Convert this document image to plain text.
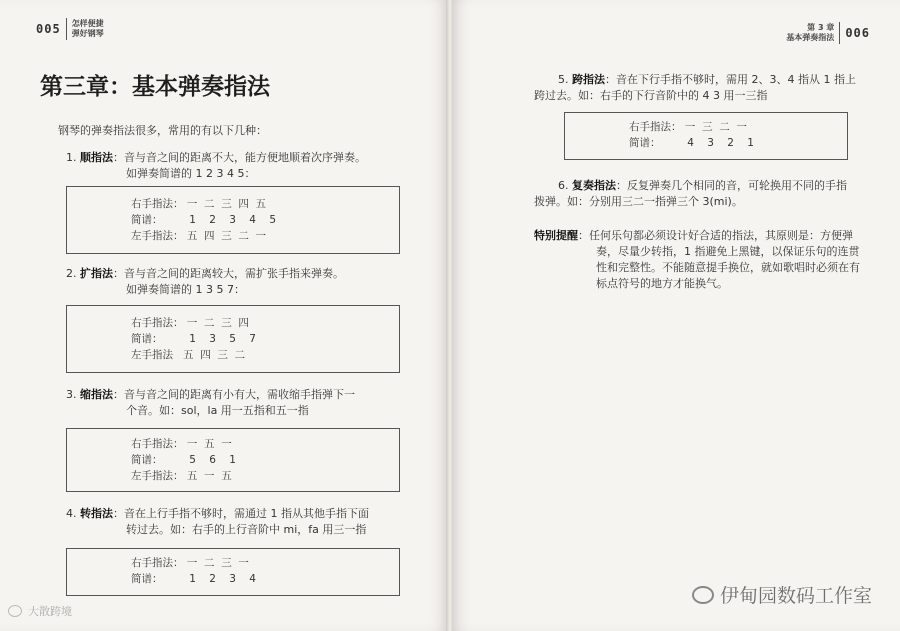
005 怎样便捷
弹好钢琴
第三章：基本弹奏指法
钢琴的弹奏指法很多，常用的有以下几种：
1. 顺指法：音与音之间的距离不大，能方便地顺着次序弹奏。
如弹奏简谱的 1 2 3 4 5：
右手指法： 一  二  三  四  五
简谱：        1    2    3    4    5
左手指法： 五  四  三  二  一
2. 扩指法：音与音之间的距离较大，需扩张手指来弹奏。
如弹奏简谱的 1 3 5 7：
右手指法： 一  二  三  四
简谱：        1    3    5    7
左手指法   五  四  三  二
3. 缩指法：音与音之间的距离有小有大，需收缩手指弹下一
个音。如：sol，la 用一五指和五一指
右手指法： 一  五  一
简谱：        5    6    1
左手指法： 五  一  五
4. 转指法：音在上行手指不够时，需通过 1 指从其他手指下面
转过去。如：右手的上行音阶中 mi，fa 用三一指
右手指法： 一  二  三  一
简谱：        1    2    3    4
大散跨境
第 3 章
基本弹奏指法 006
5. 跨指法：音在下行手指不够时，需用 2、3、4 指从 1 指上
跨过去。如：右手的下行音阶中的 4 3 用一三指
右手指法： 一  三  二  一
简谱：        4    3    2    1
6. 复奏指法：反复弹奏几个相同的音，可轮换用不同的手指
拨弹。如：分别用三二一指弹三个 3(mi)。
特别提醒：任何乐句都必须设计好合适的指法，其原则是：方便弹
奏，尽量少转指，1 指避免上黑键，以保证乐句的连贯
性和完整性。不能随意提手换位，就如歌唱时必须在有
标点符号的地方才能换气。
伊甸园数码工作室
